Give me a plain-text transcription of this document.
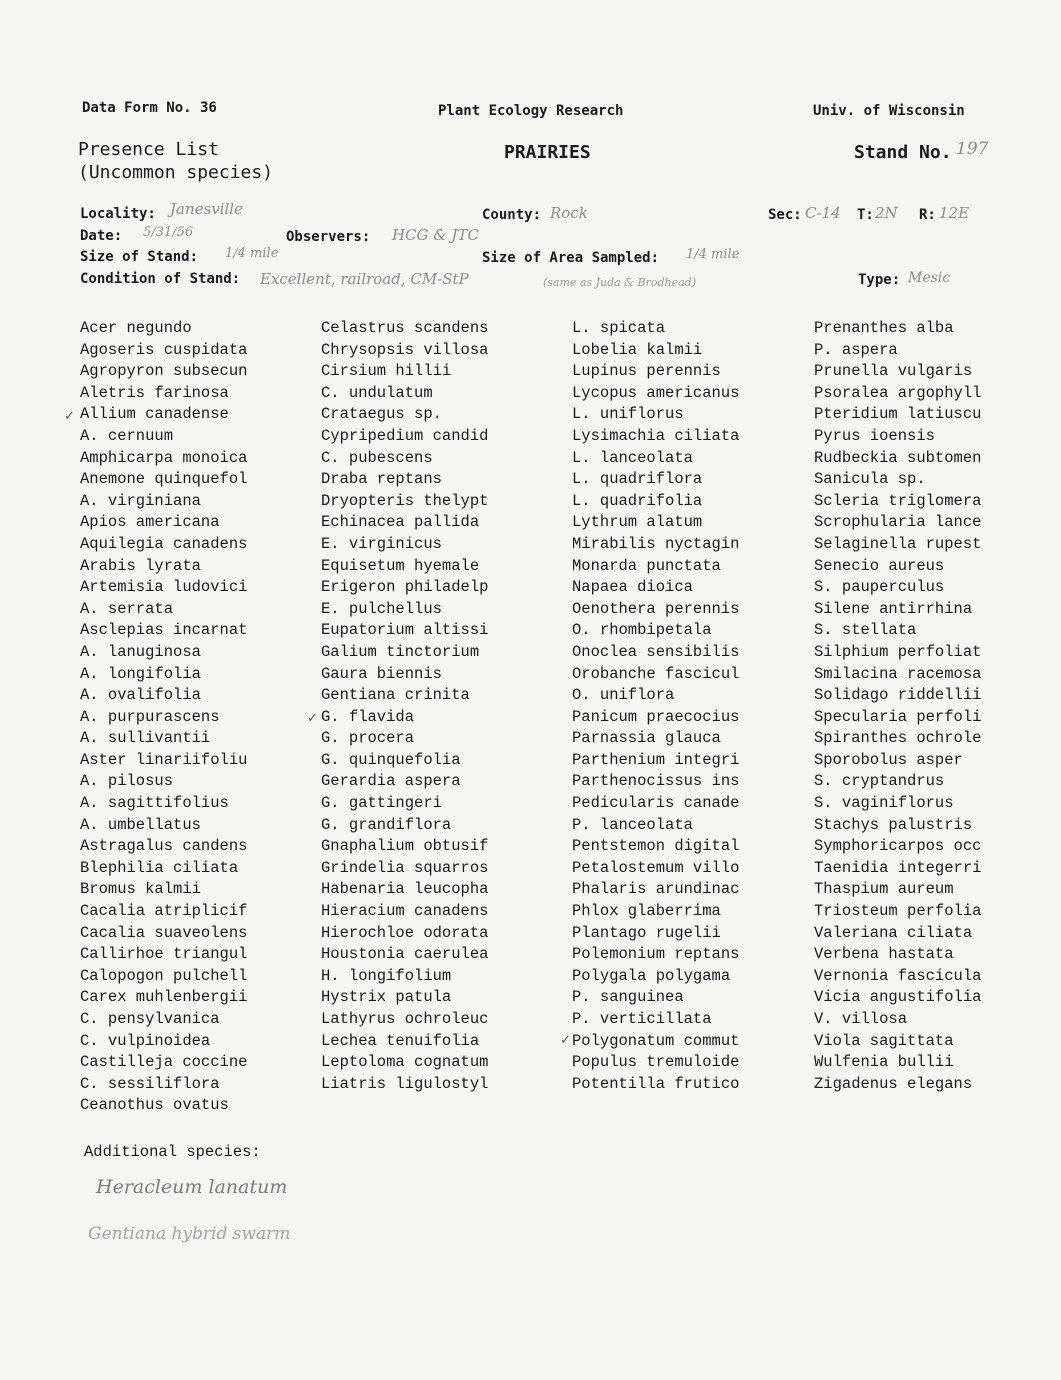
Data Form No. 36	Plant Ecology Research	Univ. of Wisconsin
Presence List
(Uncommon species)
PRAIRIES	Stand No. 197
Locality: Janesville	County: Rock	Sec: C-14 T: 2N R: 12E
Date: 5/31/56	Observers: HCG & JTC
Size of Stand: 1/4 mile	Size of Area Sampled: 1/4 mile
Condition of Stand: Excellent, railroad, CM-StP	(same as Juda & Brodhead)	Type: Mesic
Acer negundo
Agoseris cuspidata
Agropyron subsecun
Aletris farinosa
Allium canadense
A. cernuum
Amphicarpa monoica
Anemone quinquefol
A. virginiana
Apios americana
Aquilegia canadens
Arabis lyrata
Artemisia ludovici
A. serrata
Asclepias incarnat
A. lanuginosa
A. longifolia
A. ovalifolia
A. purpurascens
A. sullivantii
Aster linariifoliu
A. pilosus
A. sagittifolius
A. umbellatus
Astragalus candens
Blephilia ciliata
Bromus kalmii
Cacalia atriplicif
Cacalia suaveolens
Callirhoe triangul
Calopogon pulchell
Carex muhlenbergii
C. pensylvanica
C. vulpinoidea
Castilleja coccine
C. sessiliflora
Ceanothus ovatus
Celastrus scandens
Chrysopsis villosa
Cirsium hillii
C. undulatum
Crataegus sp.
Cypripedium candid
C. pubescens
Draba reptans
Dryopteris thelypt
Echinacea pallida
E. virginicus
Equisetum hyemale
Erigeron philadelp
E. pulchellus
Eupatorium altissi
Galium tinctorium
Gaura biennis
Gentiana crinita
G. flavida
G. procera
G. quinquefolia
Gerardia aspera
G. gattingeri
G. grandiflora
Gnaphalium obtusif
Grindelia squarros
Habenaria leucopha
Hieracium canadens
Hierochloe odorata
Houstonia caerulea
H. longifolium
Hystrix patula
Lathyrus ochroleuc
Lechea tenuifolia
Leptoloma cognatum
Liatris ligulostyl
L. spicata
Lobelia kalmii
Lupinus perennis
Lycopus americanus
L. uniflorus
Lysimachia ciliata
L. lanceolata
L. quadriflora
L. quadrifolia
Lythrum alatum
Mirabilis nyctagin
Monarda punctata
Napaea dioica
Oenothera perennis
O. rhombipetala
Onoclea sensibilis
Orobanche fascicul
O. uniflora
Panicum praecocius
Parnassia glauca
Parthenium integri
Parthenocissus ins
Pedicularis canade
P. lanceolata
Pentstemon digital
Petalostemum villo
Phalaris arundinac
Phlox glaberrima
Plantago rugelii
Polemonium reptans
Polygala polygama
P. sanguinea
P. verticillata
Polygonatum commut
Populus tremuloide
Potentilla frutico
Prenanthes alba
P. aspera
Prunella vulgaris
Psoralea argophyll
Pteridium latiuscu
Pyrus ioensis
Rudbeckia subtomen
Sanicula sp.
Scleria triglomera
Scrophularia lance
Selaginella rupest
Senecio aureus
S. pauperculus
Silene antirrhina
S. stellata
Silphium perfoliat
Smilacina racemosa
Solidago riddellii
Specularia perfoli
Spiranthes ochrole
Sporobolus asper
S. cryptandrus
S. vaginiflorus
Stachys palustris
Symphoricarpos occ
Taenidia integerri
Thaspium aureum
Triosteum perfolia
Valeriana ciliata
Verbena hastata
Vernonia fascicula
Vicia angustifolia
V. villosa
Viola sagittata
Wulfenia bullii
Zigadenus elegans
✓
✓
✓
Additional species:
Heracleum lanatum
Gentiana hybrid swarm
